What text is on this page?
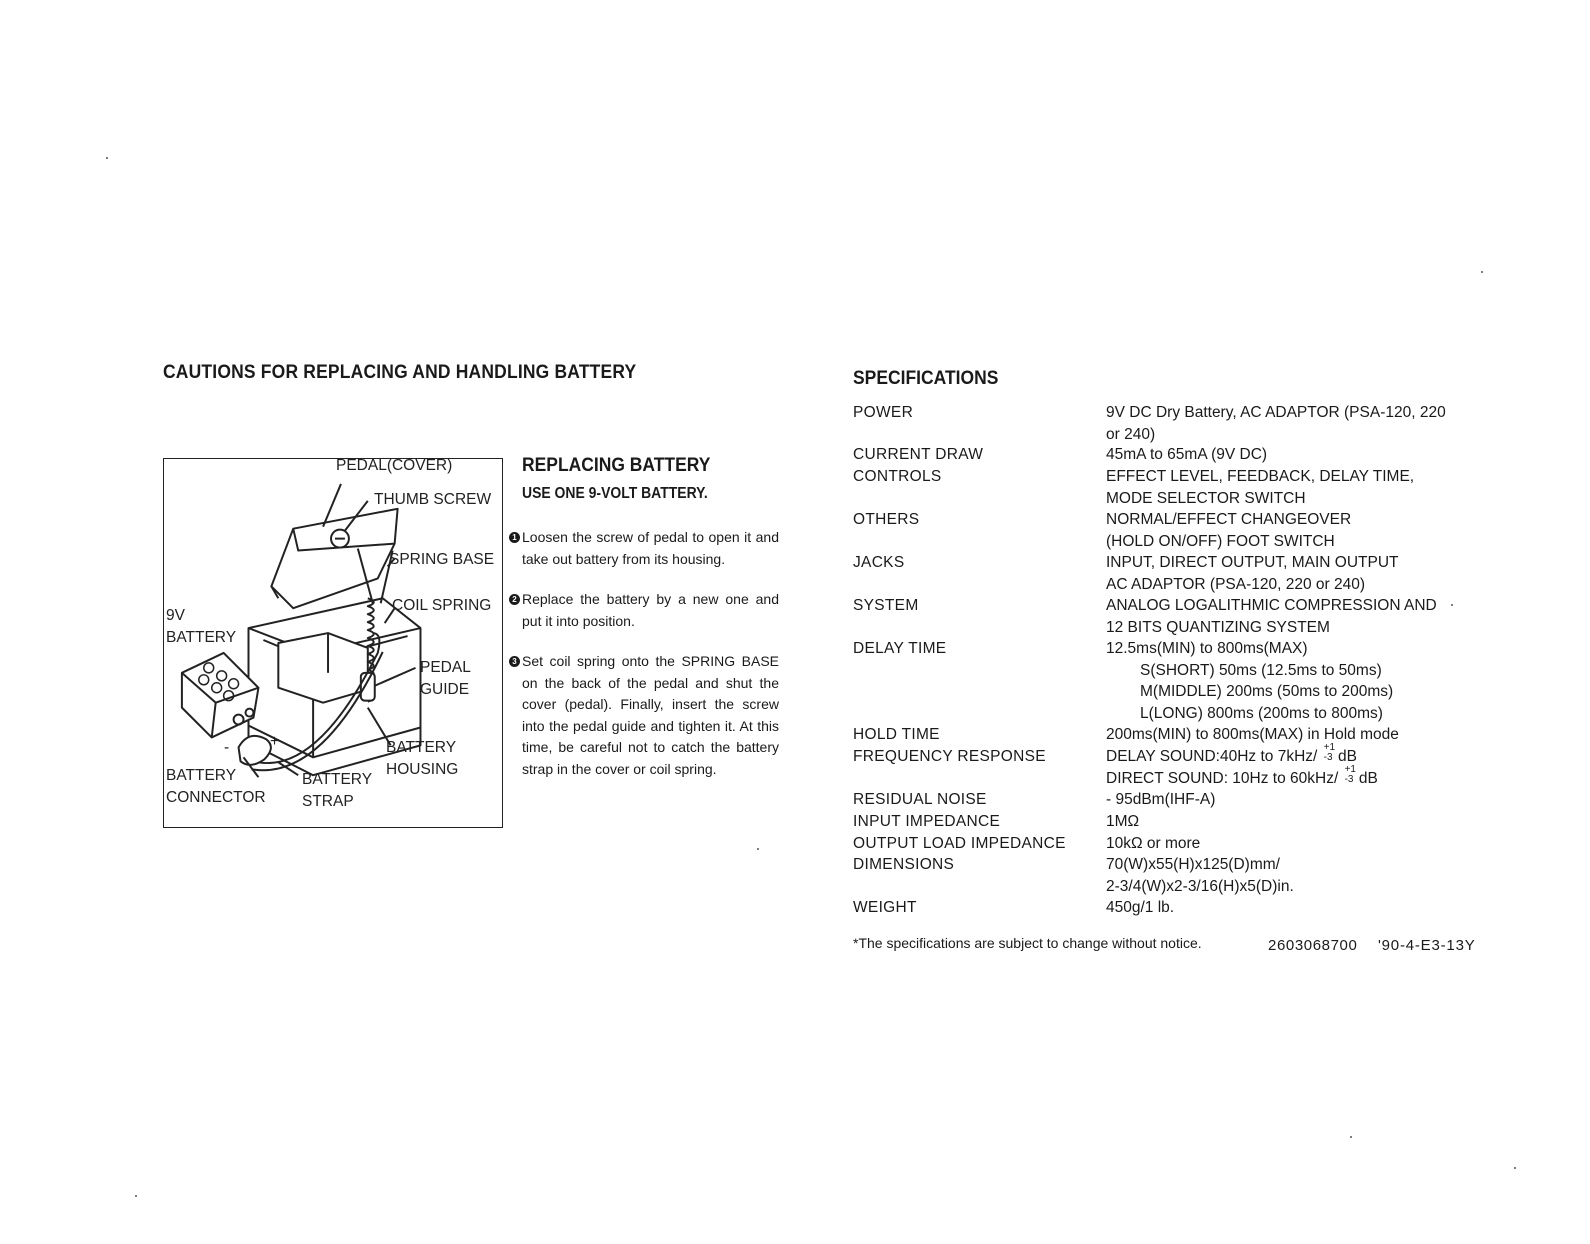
CAUTIONS FOR REPLACING AND HANDLING BATTERY	SPECIFICATIONS
PEDAL(COVER)
THUMB SCREW
SPRING BASE
COIL SPRING
9V
BATTERY
PEDAL
GUIDE
-	+	BATTERY
HOUSING
BATTERY
CONNECTOR
BATTERY
STRAP
REPLACING BATTERY
USE ONE 9-VOLT BATTERY.
1 Loosen the screw of pedal to open it and take out battery from its housing.
2 Replace the battery by a new one and put it into position.
3 Set coil spring onto the SPRING BASE on the back of the pedal and shut the cover (pedal). Finally, insert the screw into the pedal guide and tighten it. At this time, be careful not to catch the battery strap in the cover or coil spring.
POWER	9V DC Dry Battery, AC ADAPTOR (PSA-120, 220
or 240)
CURRENT DRAW	45mA to 65mA (9V DC)
CONTROLS	EFFECT LEVEL, FEEDBACK, DELAY TIME,
MODE SELECTOR SWITCH
OTHERS	NORMAL/EFFECT CHANGEOVER
(HOLD ON/OFF) FOOT SWITCH
JACKS	INPUT, DIRECT OUTPUT, MAIN OUTPUT
AC ADAPTOR (PSA-120, 220 or 240)
SYSTEM	ANALOG LOGALITHMIC COMPRESSION AND
12 BITS QUANTIZING SYSTEM
DELAY TIME	12.5ms(MIN) to 800ms(MAX)
S(SHORT) 50ms (12.5ms to 50ms)
M(MIDDLE) 200ms (50ms to 200ms)
L(LONG) 800ms (200ms to 800ms)
HOLD TIME	200ms(MIN) to 800ms(MAX) in Hold mode
FREQUENCY RESPONSE	DELAY SOUND:40Hz to 7kHz/
+1
-3 dB
DIRECT SOUND: 10Hz to 60kHz/
+1
-3 dB
RESIDUAL NOISE	- 95dBm(IHF-A)
INPUT IMPEDANCE	1MΩ
OUTPUT LOAD IMPEDANCE	10kΩ or more
DIMENSIONS	70(W)x55(H)x125(D)mm/
2-3/4(W)x2-3/16(H)x5(D)in.
WEIGHT	450g/1 lb.
*The specifications are subject to change without notice.	2603068700 '90-4-E3-13Y
